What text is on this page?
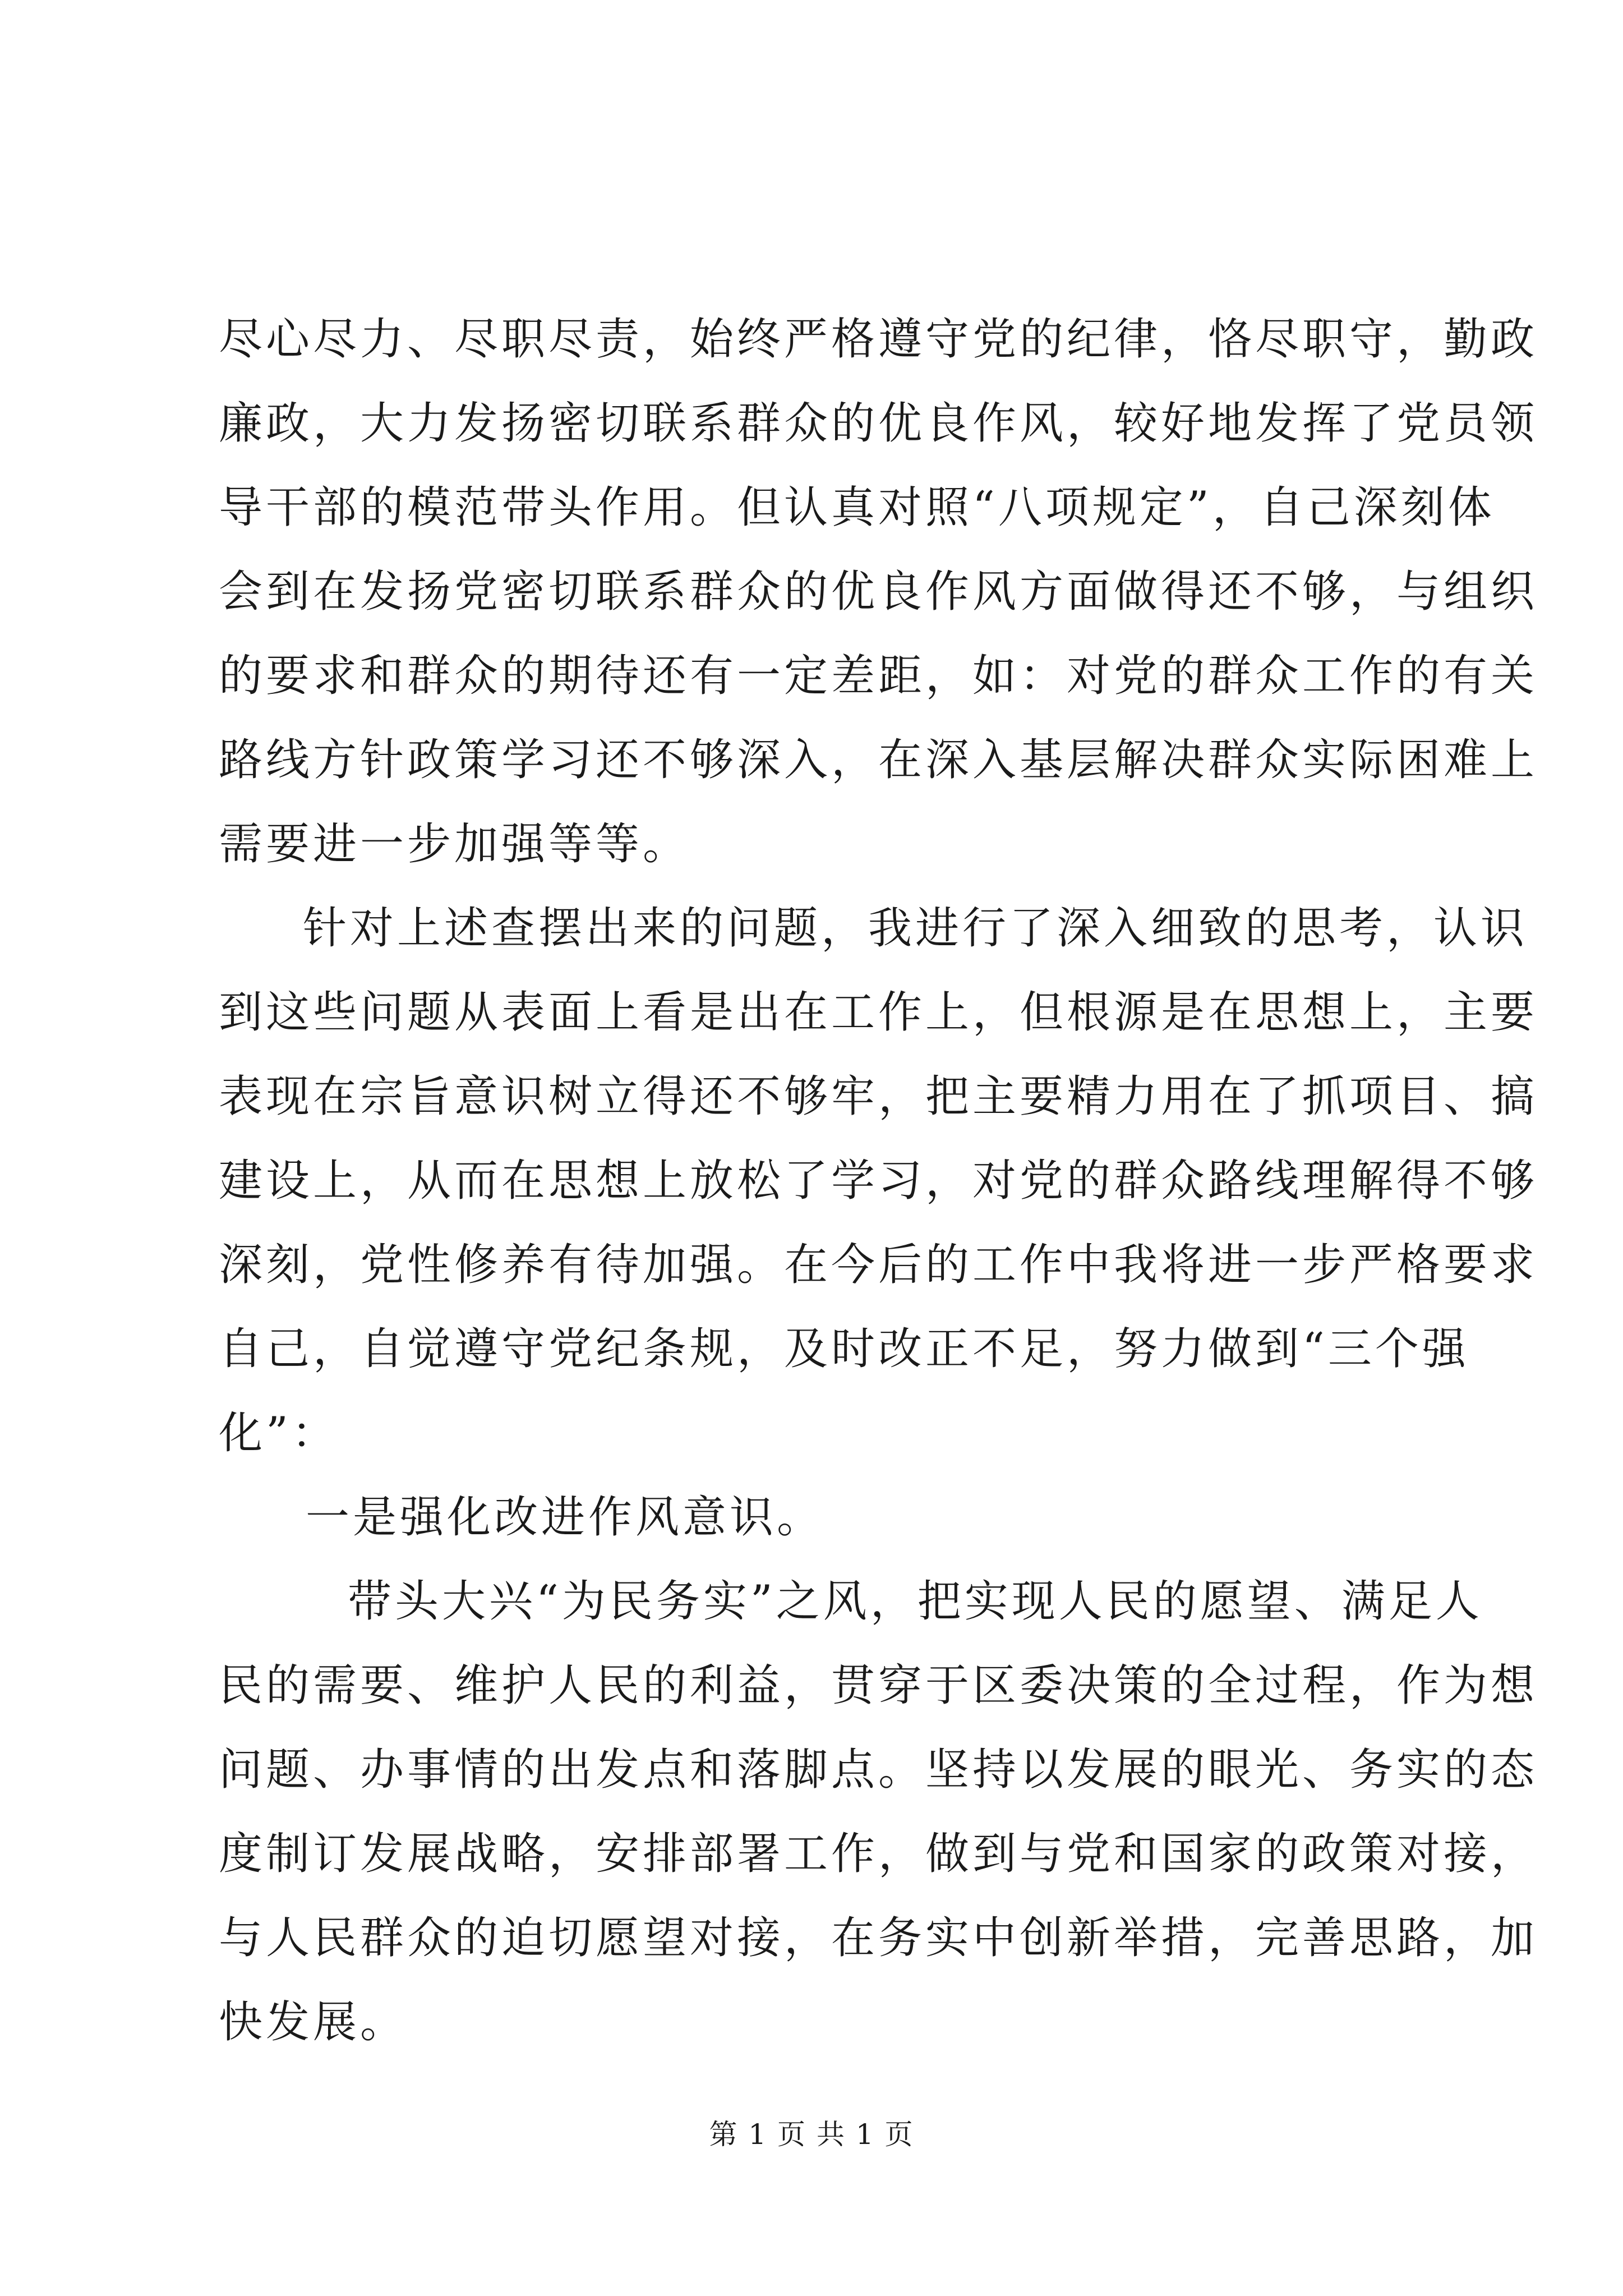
尽心尽力、尽职尽责，始终严格遵守党的纪律，恪尽职守，勤政
廉政，大力发扬密切联系群众的优良作风，较好地发挥了党员领
导干部的模范带头作用。但认真对照“八项规定”，自己深刻体
会到在发扬党密切联系群众的优良作风方面做得还不够，与组织
的要求和群众的期待还有一定差距，如：对党的群众工作的有关
路线方针政策学习还不够深入，在深入基层解决群众实际困难上
需要进一步加强等等。
针对上述查摆出来的问题，我进行了深入细致的思考，认识
到这些问题从表面上看是出在工作上，但根源是在思想上，主要
表现在宗旨意识树立得还不够牢，把主要精力用在了抓项目、搞
建设上，从而在思想上放松了学习，对党的群众路线理解得不够
深刻，党性修养有待加强。在今后的工作中我将进一步严格要求
自己，自觉遵守党纪条规，及时改正不足，努力做到“三个强
化”：
一是强化改进作风意识。
带头大兴“为民务实”之风，把实现人民的愿望、满足人
民的需要、维护人民的利益，贯穿于区委决策的全过程，作为想
问题、办事情的出发点和落脚点。坚持以发展的眼光、务实的态
度制订发展战略，安排部署工作，做到与党和国家的政策对接，
与人民群众的迫切愿望对接，在务实中创新举措，完善思路，加
快发展。
第 1 页 共 1 页
